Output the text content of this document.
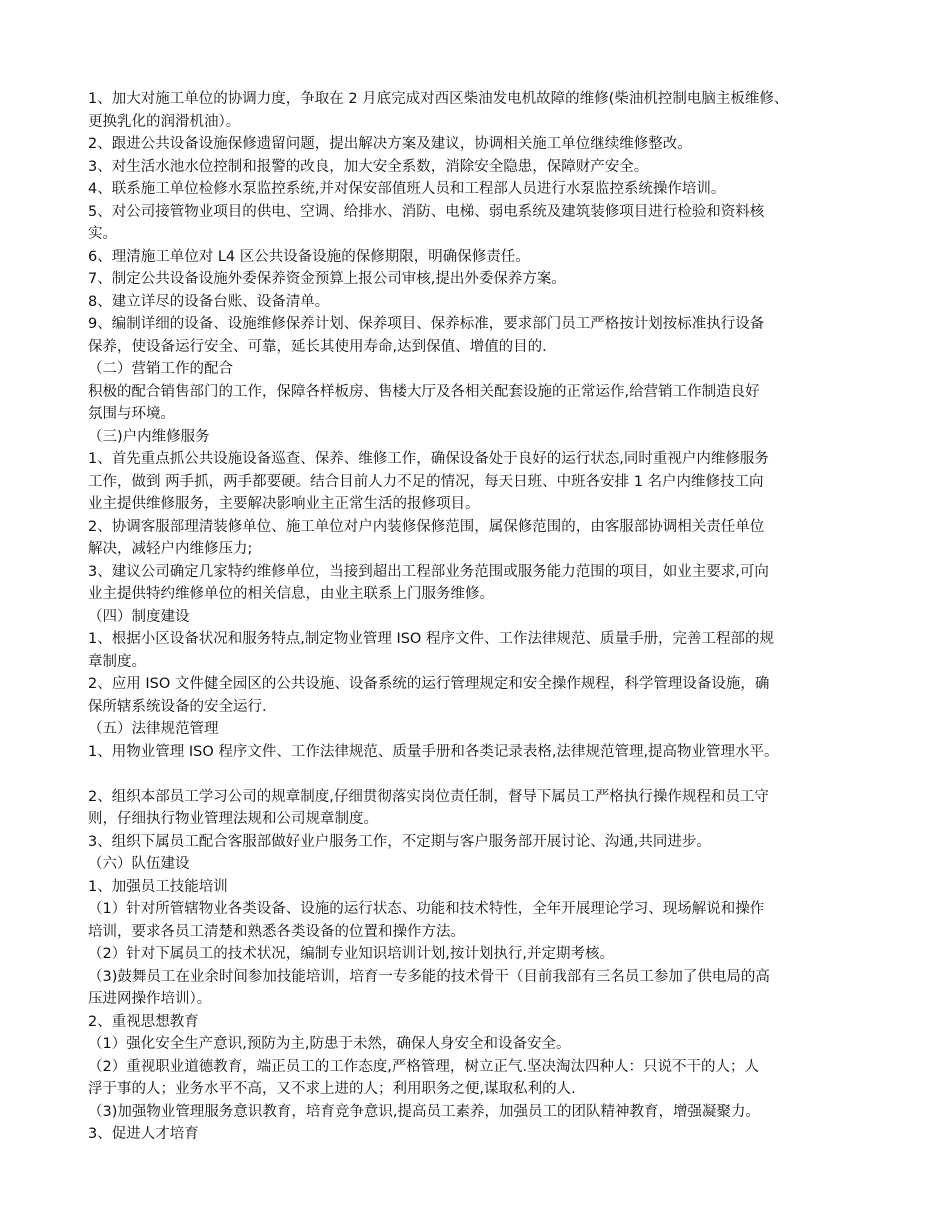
1、加大对施工单位的协调力度，争取在 2 月底完成对西区柴油发电机故障的维修(柴油机控制电脑主板维修、
更换乳化的润滑机油）。
2、跟进公共设备设施保修遗留问题，提出解决方案及建议，协调相关施工单位继续维修整改。
3、对生活水池水位控制和报警的改良，加大安全系数，消除安全隐患，保障财产安全。
4、联系施工单位检修水泵监控系统,并对保安部值班人员和工程部人员进行水泵监控系统操作培训。
5、对公司接管物业项目的供电、空调、给排水、消防、电梯、弱电系统及建筑装修项目进行检验和资料核
实。
6、理清施工单位对 L4 区公共设备设施的保修期限，明确保修责任。
7、制定公共设备设施外委保养资金预算上报公司审核,提出外委保养方案。
8、建立详尽的设备台账、设备清单。
9、编制详细的设备、设施维修保养计划、保养项目、保养标准，要求部门员工严格按计划按标准执行设备
保养，使设备运行安全、可靠，延长其使用寿命,达到保值、增值的目的.
（二）营销工作的配合
积极的配合销售部门的工作，保障各样板房、售楼大厅及各相关配套设施的正常运作,给营销工作制造良好
氛围与环境。
（三)户内维修服务
1、首先重点抓公共设施设备巡查、保养、维修工作，确保设备处于良好的运行状态,同时重视户内维修服务
工作，做到 两手抓，两手都要硬。结合目前人力不足的情况，每天日班、中班各安排 1 名户内维修技工向
业主提供维修服务，主要解决影响业主正常生活的报修项目。
2、协调客服部理清装修单位、施工单位对户内装修保修范围，属保修范围的，由客服部协调相关责任单位
解决，减轻户内维修压力;
3、建议公司确定几家特约维修单位，当接到超出工程部业务范围或服务能力范围的项目，如业主要求,可向
业主提供特约维修单位的相关信息，由业主联系上门服务维修。
（四）制度建设
1、根据小区设备状况和服务特点,制定物业管理 ISO 程序文件、工作法律规范、质量手册，完善工程部的规
章制度。
2、应用 ISO 文件健全园区的公共设施、设备系统的运行管理规定和安全操作规程，科学管理设备设施，确
保所辖系统设备的安全运行.
（五）法律规范管理
1、用物业管理 ISO 程序文件、工作法律规范、质量手册和各类记录表格,法律规范管理,提高物业管理水平。
2、组织本部员工学习公司的规章制度,仔细贯彻落实岗位责任制，督导下属员工严格执行操作规程和员工守
则，仔细执行物业管理法规和公司规章制度。
3、组织下属员工配合客服部做好业户服务工作，不定期与客户服务部开展讨论、沟通,共同进步。
（六）队伍建设
1、加强员工技能培训
（1）针对所管辖物业各类设备、设施的运行状态、功能和技术特性，全年开展理论学习、现场解说和操作
培训，要求各员工清楚和熟悉各类设备的位置和操作方法。
（2）针对下属员工的技术状况，编制专业知识培训计划,按计划执行,并定期考核。
（3)鼓舞员工在业余时间参加技能培训，培育一专多能的技术骨干（目前我部有三名员工参加了供电局的高
压进网操作培训）。
2、重视思想教育
（1）强化安全生产意识,预防为主,防患于未然，确保人身安全和设备安全。
（2）重视职业道德教育，端正员工的工作态度,严格管理，树立正气.坚决淘汰四种人：只说不干的人；人
浮于事的人；业务水平不高，又不求上进的人；利用职务之便,谋取私利的人.
（3)加强物业管理服务意识教育，培育竞争意识,提高员工素养，加强员工的团队精神教育，增强凝聚力。
3、促进人才培育
